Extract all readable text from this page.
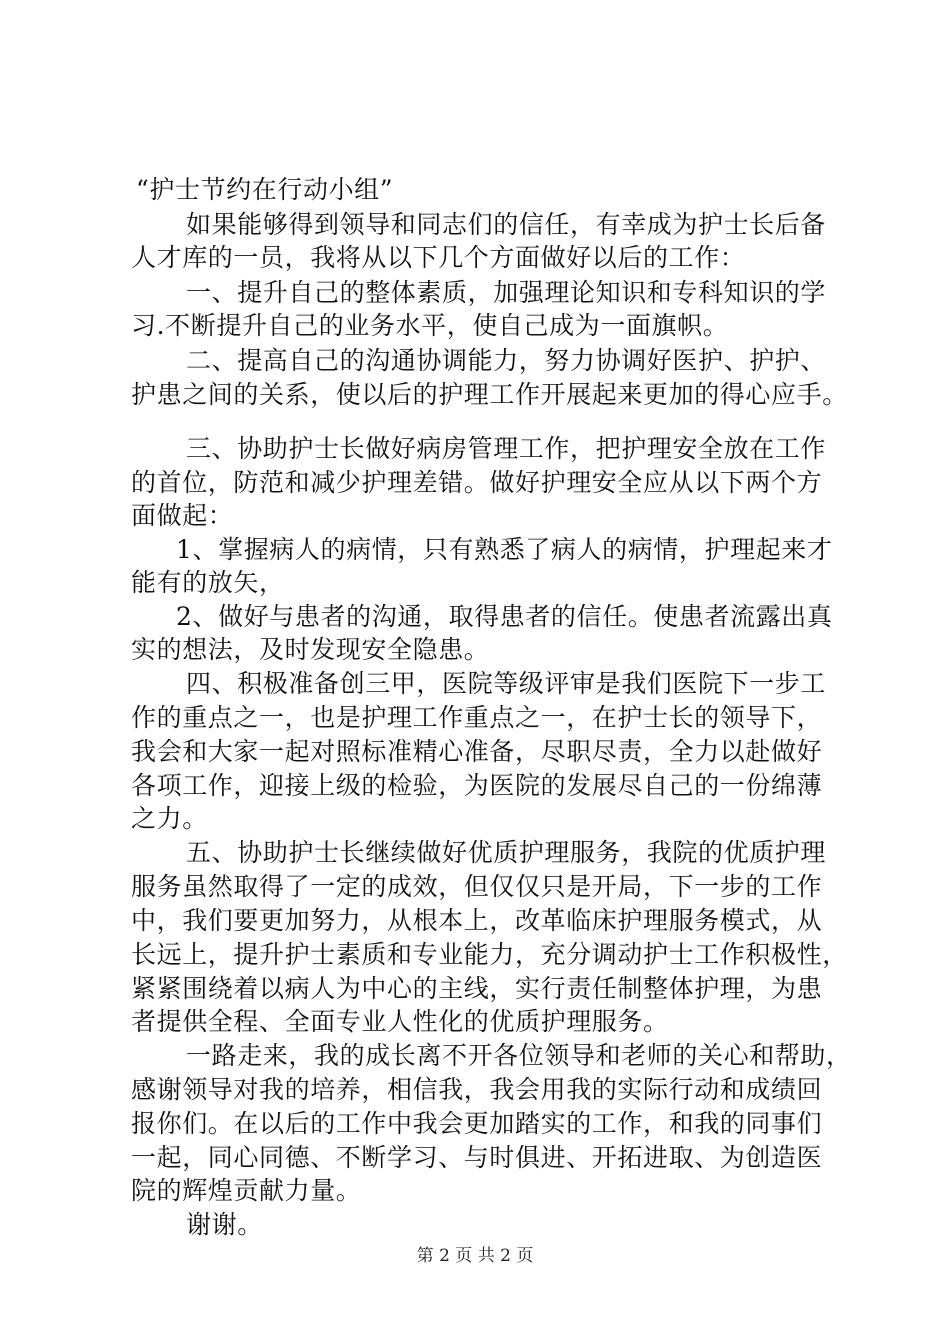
“护士节约在行动小组”
如果能够得到领导和同志们的信任，有幸成为护士长后备
人才库的一员，我将从以下几个方面做好以后的工作：
一、提升自己的整体素质，加强理论知识和专科知识的学
习.不断提升自己的业务水平，使自己成为一面旗帜。
二、提高自己的沟通协调能力，努力协调好医护、护护、
护患之间的关系，使以后的护理工作开展起来更加的得心应手。
三、协助护士长做好病房管理工作，把护理安全放在工作
的首位，防范和减少护理差错。做好护理安全应从以下两个方
面做起：
1、掌握病人的病情，只有熟悉了病人的病情，护理起来才
能有的放矢，
2、做好与患者的沟通，取得患者的信任。使患者流露出真
实的想法，及时发现安全隐患。
四、积极准备创三甲，医院等级评审是我们医院下一步工
作的重点之一，也是护理工作重点之一，在护士长的领导下，
我会和大家一起对照标准精心准备，尽职尽责，全力以赴做好
各项工作，迎接上级的检验，为医院的发展尽自己的一份绵薄
之力。
五、协助护士长继续做好优质护理服务，我院的优质护理
服务虽然取得了一定的成效，但仅仅只是开局，下一步的工作
中，我们要更加努力，从根本上，改革临床护理服务模式，从
长远上，提升护士素质和专业能力，充分调动护士工作积极性，
紧紧围绕着以病人为中心的主线，实行责任制整体护理，为患
者提供全程、全面专业人性化的优质护理服务。
一路走来，我的成长离不开各位领导和老师的关心和帮助，
感谢领导对我的培养，相信我，我会用我的实际行动和成绩回
报你们。在以后的工作中我会更加踏实的工作，和我的同事们
一起，同心同德、不断学习、与时俱进、开拓进取、为创造医
院的辉煌贡献力量。
谢谢。
第 2 页 共 2 页
